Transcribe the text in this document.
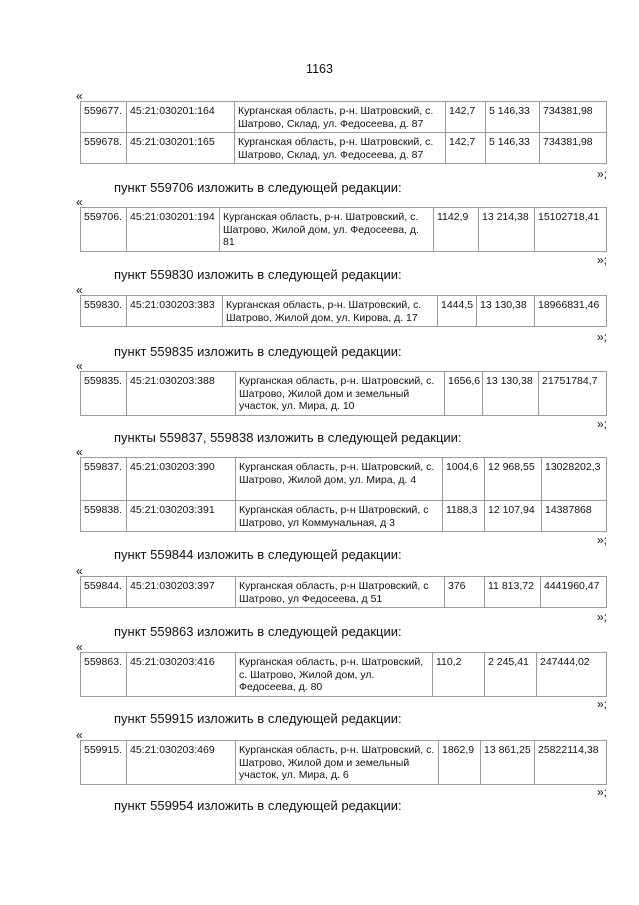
1163
«
559677.	45:21:030201:164	Курганская область, р-н. Шатровский, с. Шатрово, Склад, ул. Федосеева, д. 87	142,7	5 146,33	734381,98
559678.	45:21:030201:165	Курганская область, р-н. Шатровский, с. Шатрово, Склад, ул. Федосеева, д. 87	142,7	5 146,33	734381,98
»;
пункт 559706 изложить в следующей редакции:
«
559706.	45:21:030201:194	Курганская область, р-н. Шатровский, с. Шатрово, Жилой дом, ул. Федосеева, д. 81	1142,9	13 214,38	15102718,41
»;
пункт 559830 изложить в следующей редакции:
«
559830.	45:21:030203:383	Курганская область, р-н. Шатровский, с. Шатрово, Жилой дом, ул. Кирова, д. 17	1444,5	13 130,38	18966831,46
»;
пункт 559835 изложить в следующей редакции:
«
559835.	45:21:030203:388	Курганская область, р-н. Шатровский, с. Шатрово, Жилой дом и земельный участок, ул. Мира, д. 10	1656,6	13 130,38	21751784,7
»;
пункты 559837, 559838 изложить в следующей редакции:
«
559837.	45:21:030203:390	Курганская область, р-н. Шатровский, с. Шатрово, Жилой дом, ул. Мира, д. 4	1004,6	12 968,55	13028202,3
559838.	45:21:030203:391	Курганская область, р-н Шатровский, с Шатрово, ул Коммунальная, д 3	1188,3	12 107,94	14387868
»;
пункт 559844 изложить в следующей редакции:
«
559844.	45:21:030203:397	Курганская область, р-н Шатровский, с Шатрово, ул Федосеева, д 51	376	11 813,72	4441960,47
»;
пункт 559863 изложить в следующей редакции:
«
559863.	45:21:030203:416	Курганская область, р-н. Шатровский, с. Шатрово, Жилой дом, ул. Федосеева, д. 80	110,2	2 245,41	247444,02
»;
пункт 559915 изложить в следующей редакции:
«
559915.	45:21:030203:469	Курганская область, р-н. Шатровский, с. Шатрово, Жилой дом и земельный участок, ул. Мира, д. 6	1862,9	13 861,25	25822114,38
»;
пункт 559954 изложить в следующей редакции:
